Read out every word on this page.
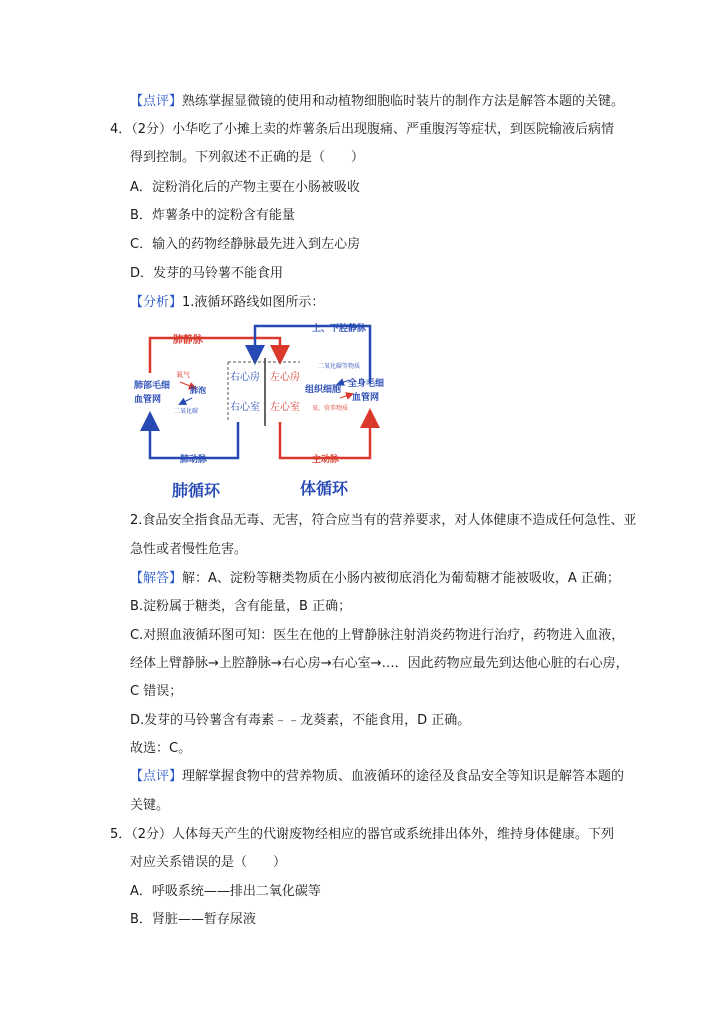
【点评】熟练掌握显微镜的使用和动植物细胞临时装片的制作方法是解答本题的关键。
4．（2分）小华吃了小摊上卖的炸薯条后出现腹痛、严重腹泻等症状，到医院输液后病情
得到控制。下列叙述不正确的是（　　）
A．淀粉消化后的产物主要在小肠被吸收
B．炸薯条中的淀粉含有能量
C．输入的药物经静脉最先进入到左心房
D．发芽的马铃薯不能食用
【分析】1.液循环路线如图所示：
肺静脉
上、下腔静脉
右心房 左心房
右心室 左心室
肺部毛细
血管网
氧气
肺泡
二氧化碳
二氧化碳等物质
组织细胞
氧、营养物质
全身毛细
血管网
肺动脉	主动脉
肺循环	体循环
2.食品安全指食品无毒、无害，符合应当有的营养要求，对人体健康不造成任何急性、亚
急性或者慢性危害。
【解答】解：A、淀粉等糖类物质在小肠内被彻底消化为葡萄糖才能被吸收，A 正确；
B.淀粉属于糖类，含有能量，B 正确；
C.对照血液循环图可知：医生在他的上臂静脉注射消炎药物进行治疗，药物进入血液，
经体上臂静脉→上腔静脉→右心房→右心室→…．因此药物应最先到达他心脏的右心房，
C 错误；
D.发芽的马铃薯含有毒素﹣﹣龙葵素，不能食用，D 正确。
故选：C。
【点评】理解掌握食物中的营养物质、血液循环的途径及食品安全等知识是解答本题的
关键。
5．（2分）人体每天产生的代谢废物经相应的器官或系统排出体外，维持身体健康。下列
对应关系错误的是（　　）
A．呼吸系统——排出二氧化碳等
B．肾脏——暂存尿液
